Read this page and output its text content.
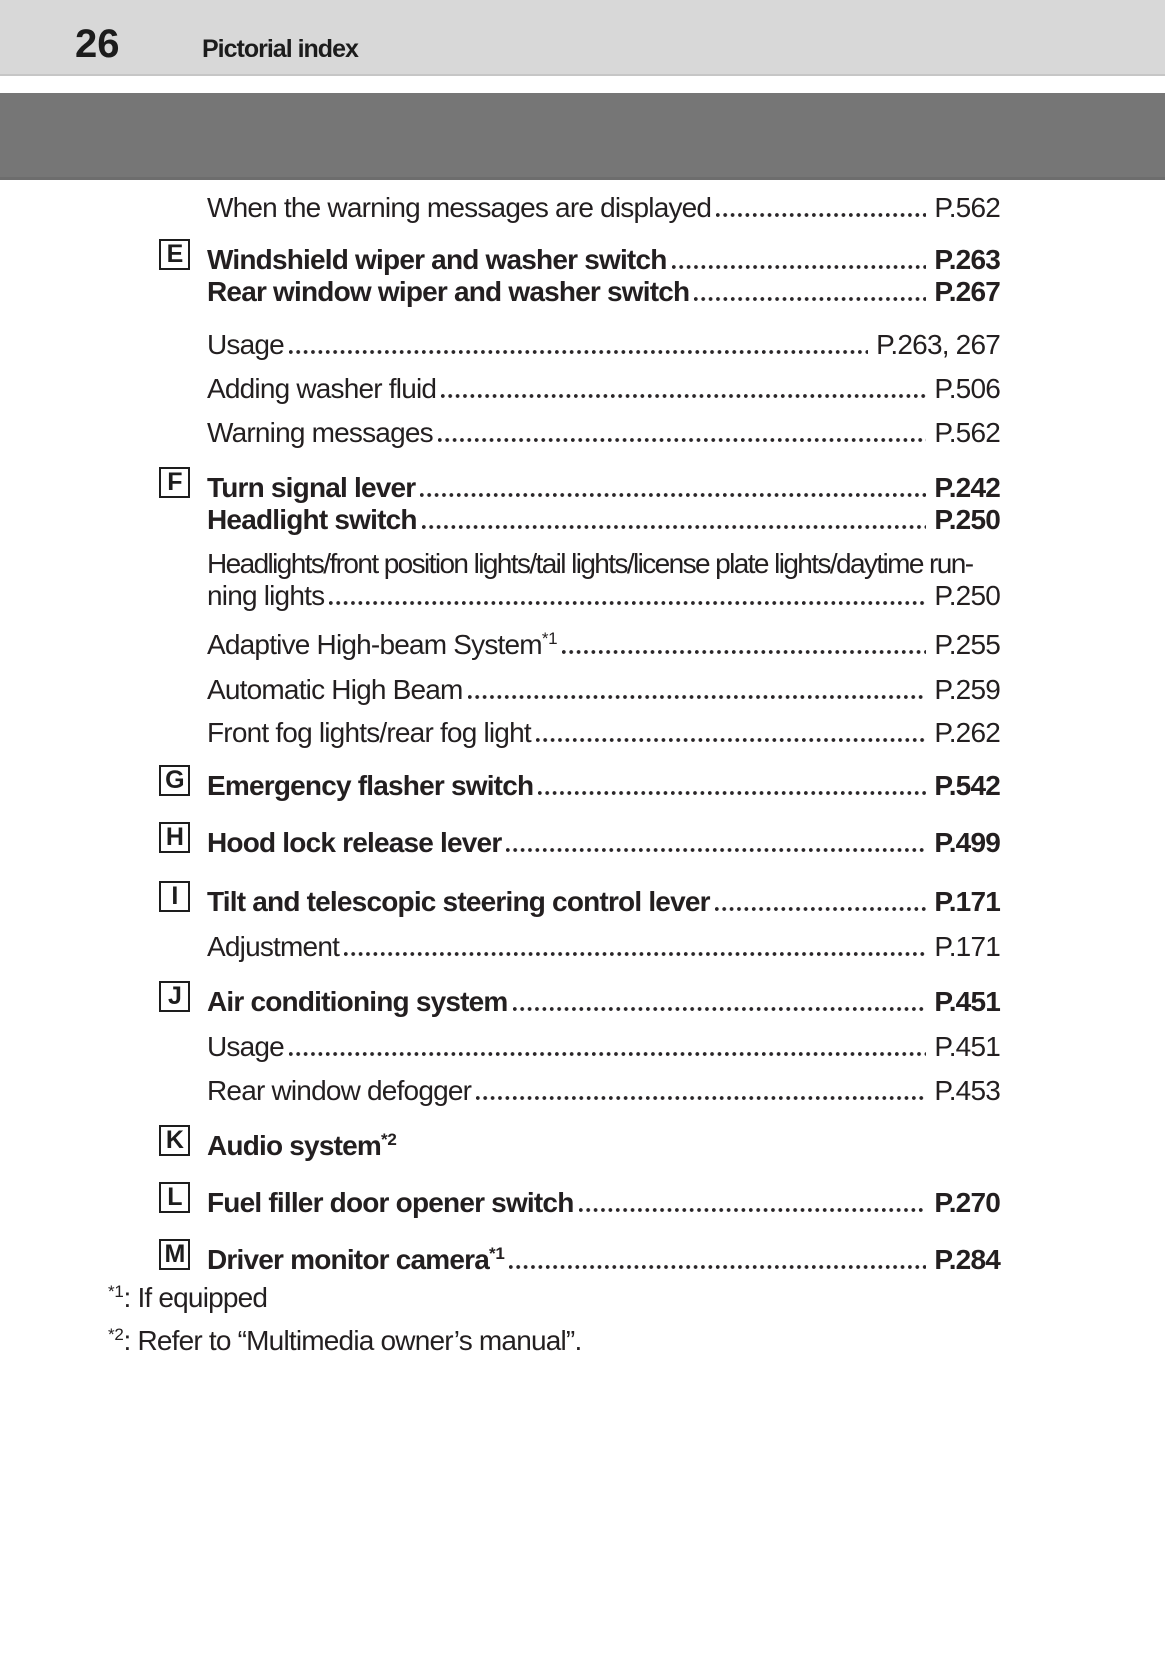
26	Pictorial index
When the warning messages are displayed	P.562
E Windshield wiper and washer switch	P.263
Rear window wiper and washer switch	P.267
Usage	P.263, 267
Adding washer fluid	P.506
Warning messages	P.562
F Turn signal lever	P.242
Headlight switch	P.250
Headlights/front position lights/tail lights/license plate lights/daytime run-
ning lights	P.250
Adaptive High-beam System$^{*1}$	P.255
Automatic High Beam	P.259
Front fog lights/rear fog light	P.262
G Emergency flasher switch	P.542
H Hood lock release lever	P.499
I	Tilt and telescopic steering control lever	P.171
Adjustment	P.171
J Air conditioning system	P.451
Usage	P.451
Rear window defogger	P.453
K Audio system$^{*2}$
L Fuel filler door opener switch	P.270
M Driver monitor camera$^{*1}$	P.284
$^{*1}$: If equipped
$^{*2}$: Refer to “Multimedia owner’s manual”.
